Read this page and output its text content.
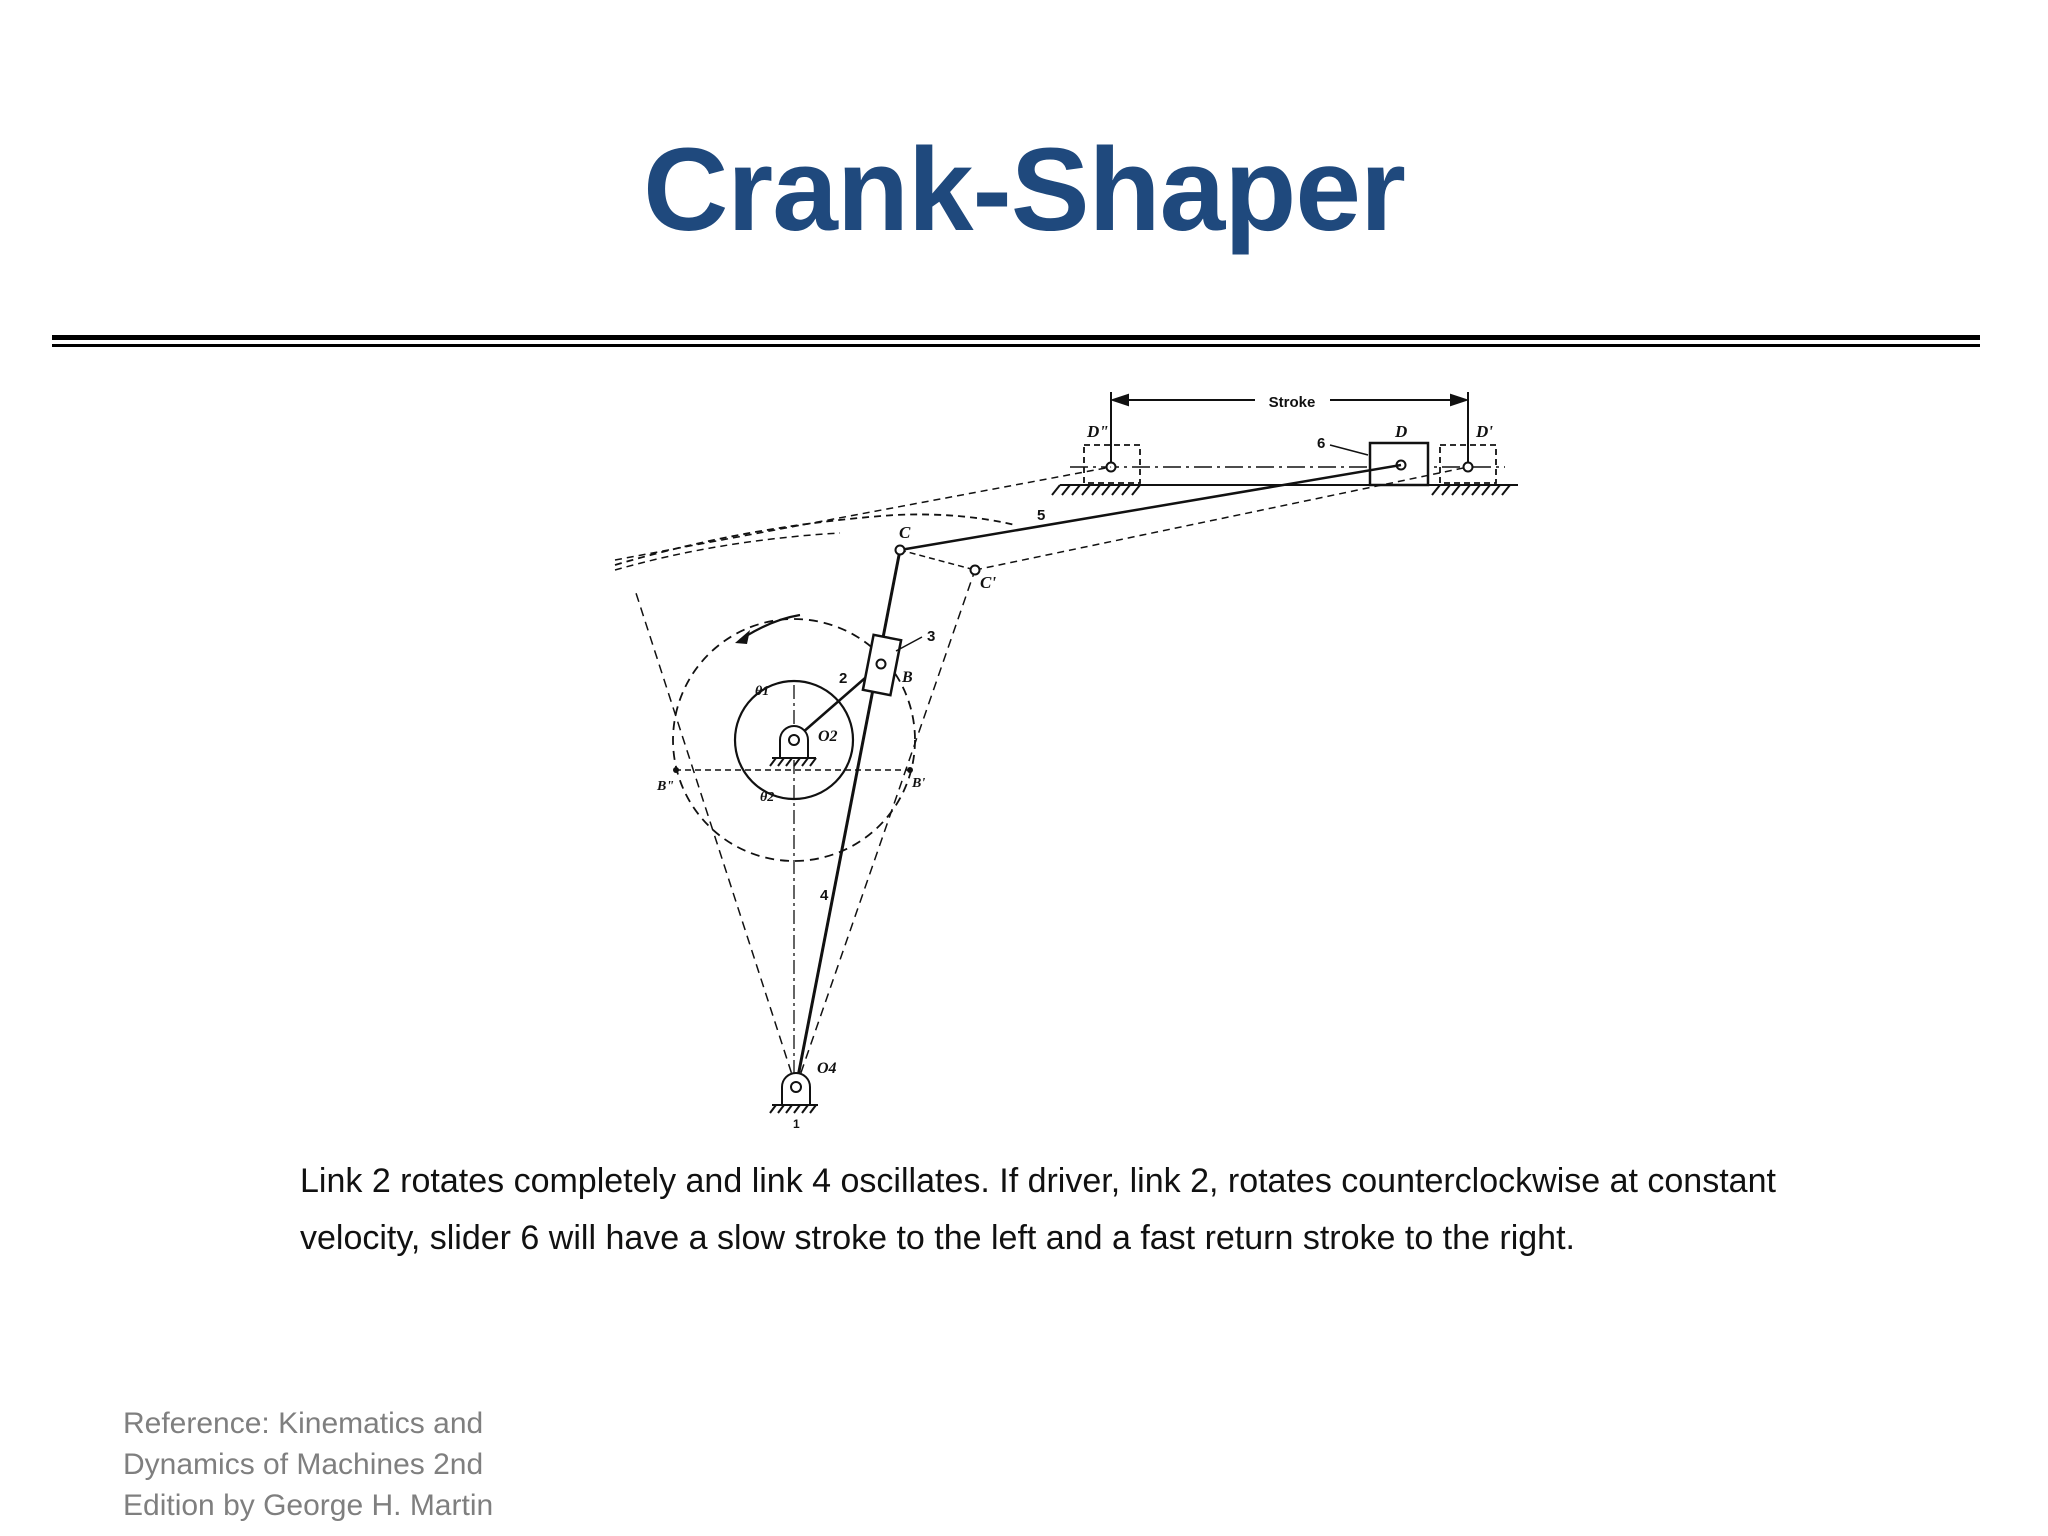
Crank-Shaper
Stroke
D"	D	D'
6
5
4
2
3
B
C
C'
θ1
θ2
O2
B"	B'
O4
1

Link 2 rotates completely and link 4 oscillates. If driver, link 2, rotates counterclockwise at constant
velocity, slider 6 will have a slow stroke to the left and a fast return stroke to the right.

Reference: Kinematics and
Dynamics of Machines 2nd
Edition by George H. Martin
